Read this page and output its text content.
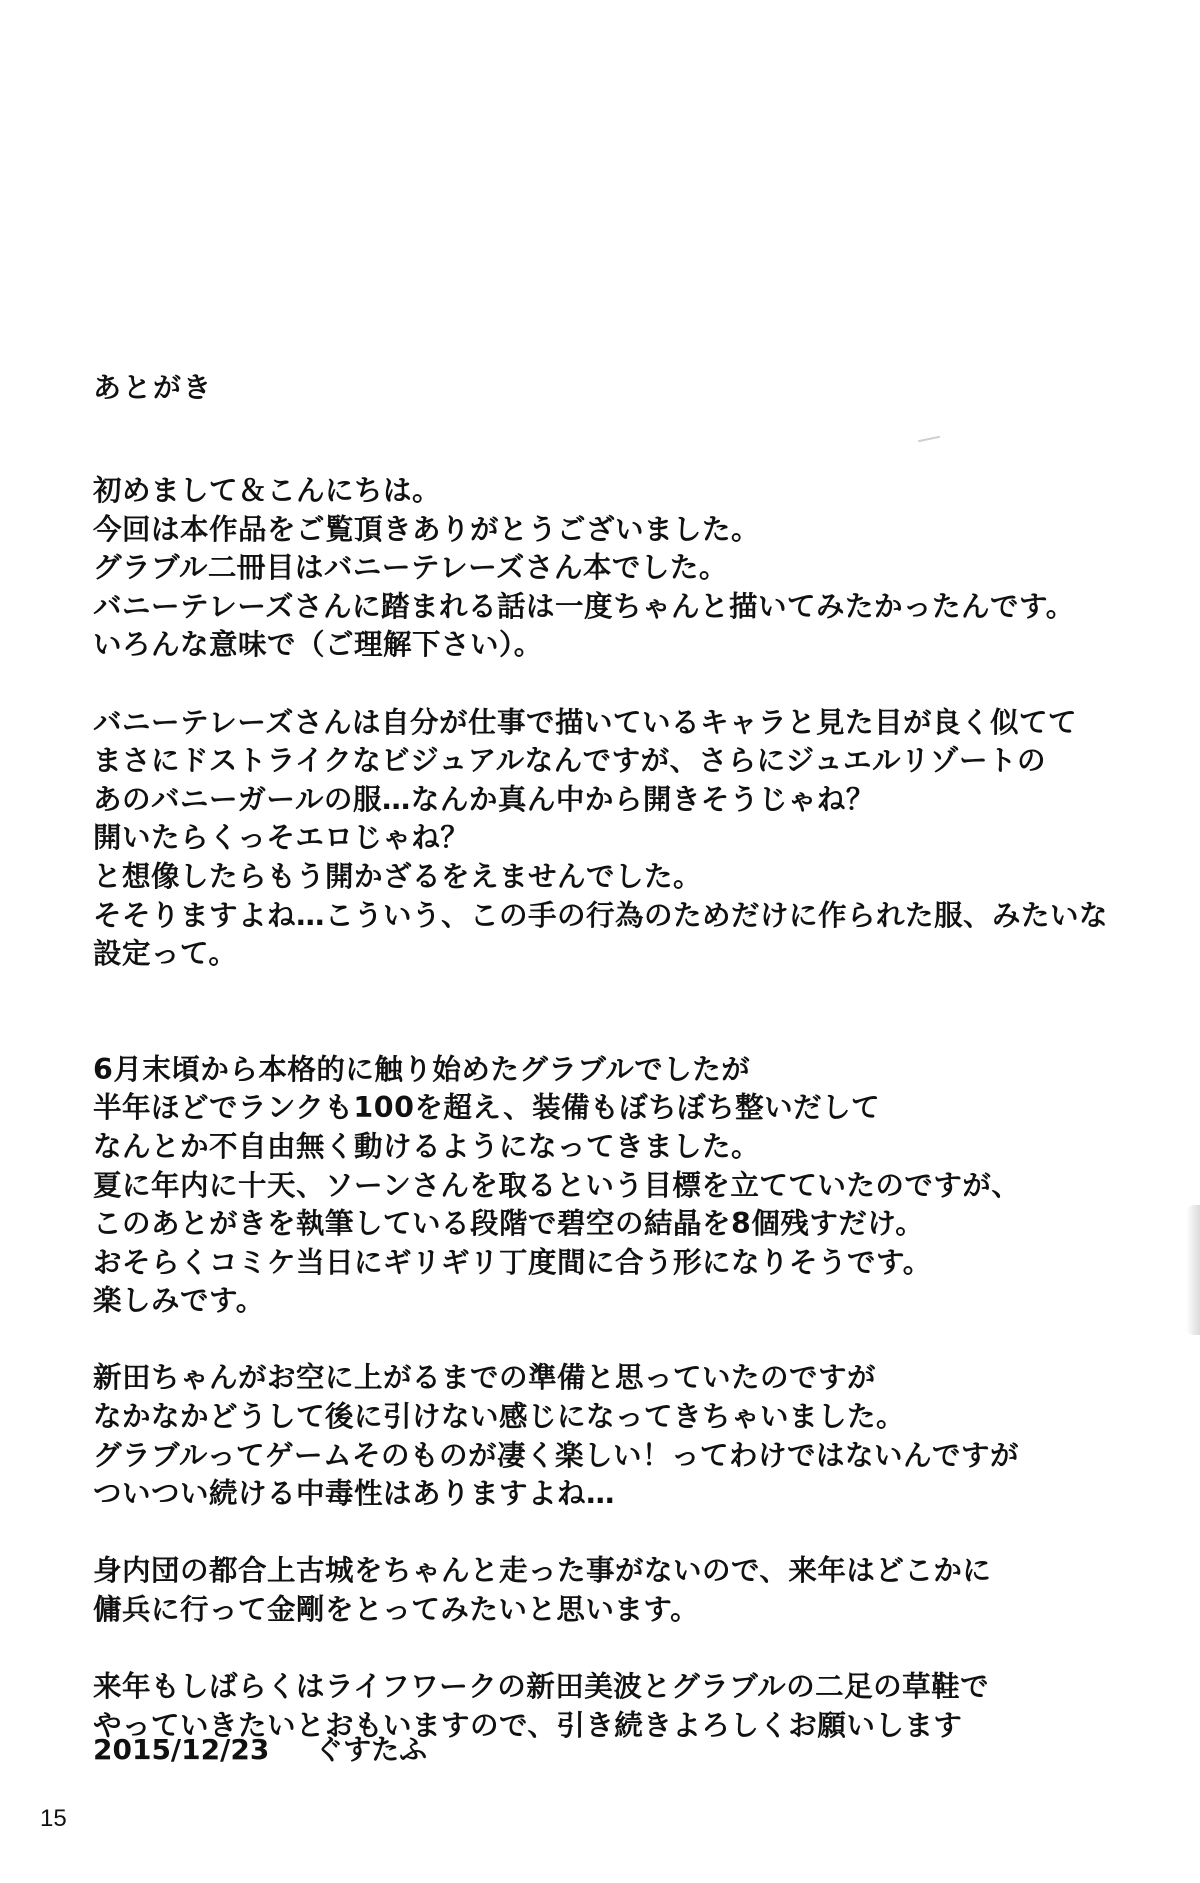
あとがき

初めまして＆こんにちは。
今回は本作品をご覧頂きありがとうございました。
グラブル二冊目はバニーテレーズさん本でした。
バニーテレーズさんに踏まれる話は一度ちゃんと描いてみたかったんです。
いろんな意味で（ご理解下さい）。

バニーテレーズさんは自分が仕事で描いているキャラと見た目が良く似てて
まさにドストライクなビジュアルなんですが、さらにジュエルリゾートの
あのバニーガールの服…なんか真ん中から開きそうじゃね？
開いたらくっそエロじゃね？
と想像したらもう開かざるをえませんでした。
そそりますよね…こういう、この手の行為のためだけに作られた服、みたいな
設定って。

6月末頃から本格的に触り始めたグラブルでしたが
半年ほどでランクも100を超え、装備もぼちぼち整いだして
なんとか不自由無く動けるようになってきました。
夏に年内に十天、ソーンさんを取るという目標を立てていたのですが、
このあとがきを執筆している段階で碧空の結晶を8個残すだけ。
おそらくコミケ当日にギリギリ丁度間に合う形になりそうです。
楽しみです。

新田ちゃんがお空に上がるまでの準備と思っていたのですが
なかなかどうして後に引けない感じになってきちゃいました。
グラブルってゲームそのものが凄く楽しい！ってわけではないんですが
ついつい続ける中毒性はありますよね…

身内団の都合上古城をちゃんと走った事がないので、来年はどこかに
傭兵に行って金剛をとってみたいと思います。

来年もしばらくはライフワークの新田美波とグラブルの二足の草鞋で
やっていきたいとおもいますので、引き続きよろしくお願いします

2015/12/23 ぐすたふ
15
